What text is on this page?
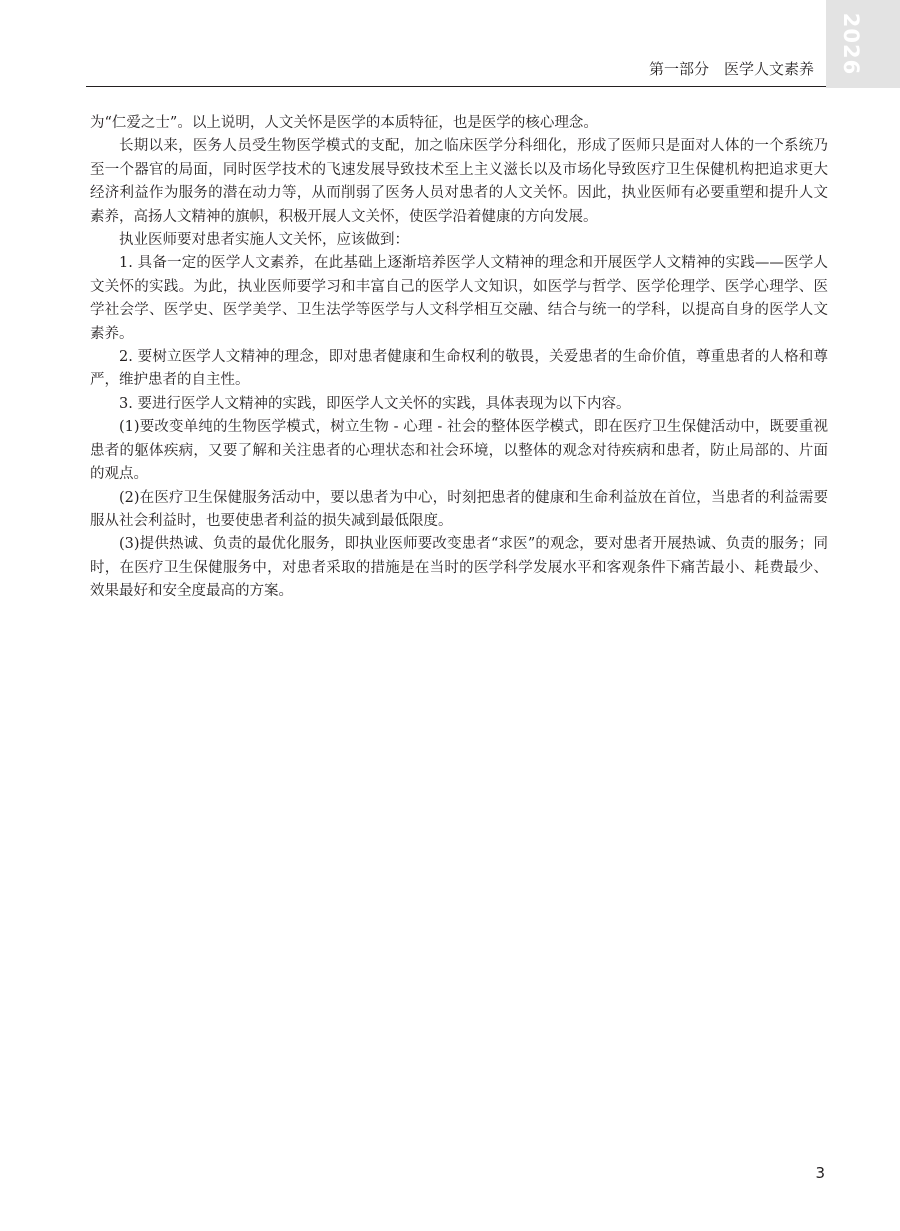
2026
第一部分　医学人文素养

为“仁爱之士”。以上说明，人文关怀是医学的本质特征，也是医学的核心理念。

长期以来，医务人员受生物医学模式的支配，加之临床医学分科细化，形成了医师只是面对人体的一个系统乃至一个器官的局面，同时医学技术的飞速发展导致技术至上主义滋长以及市场化导致医疗卫生保健机构把追求更大经济利益作为服务的潜在动力等，从而削弱了医务人员对患者的人文关怀。因此，执业医师有必要重塑和提升人文素养，高扬人文精神的旗帜，积极开展人文关怀，使医学沿着健康的方向发展。

执业医师要对患者实施人文关怀，应该做到：

1. 具备一定的医学人文素养，在此基础上逐渐培养医学人文精神的理念和开展医学人文精神的实践——医学人文关怀的实践。为此，执业医师要学习和丰富自己的医学人文知识，如医学与哲学、医学伦理学、医学心理学、医学社会学、医学史、医学美学、卫生法学等医学与人文科学相互交融、结合与统一的学科，以提高自身的医学人文素养。

2. 要树立医学人文精神的理念，即对患者健康和生命权利的敬畏，关爱患者的生命价值，尊重患者的人格和尊严，维护患者的自主性。

3. 要进行医学人文精神的实践，即医学人文关怀的实践，具体表现为以下内容。

(1)要改变单纯的生物医学模式，树立生物 - 心理 - 社会的整体医学模式，即在医疗卫生保健活动中，既要重视患者的躯体疾病，又要了解和关注患者的心理状态和社会环境，以整体的观念对待疾病和患者，防止局部的、片面的观点。

(2)在医疗卫生保健服务活动中，要以患者为中心，时刻把患者的健康和生命利益放在首位，当患者的利益需要服从社会利益时，也要使患者利益的损失减到最低限度。

(3)提供热诚、负责的最优化服务，即执业医师要改变患者“求医”的观念，要对患者开展热诚、负责的服务；同时，在医疗卫生保健服务中，对患者采取的措施是在当时的医学科学发展水平和客观条件下痛苦最小、耗费最少、效果最好和安全度最高的方案。

3
